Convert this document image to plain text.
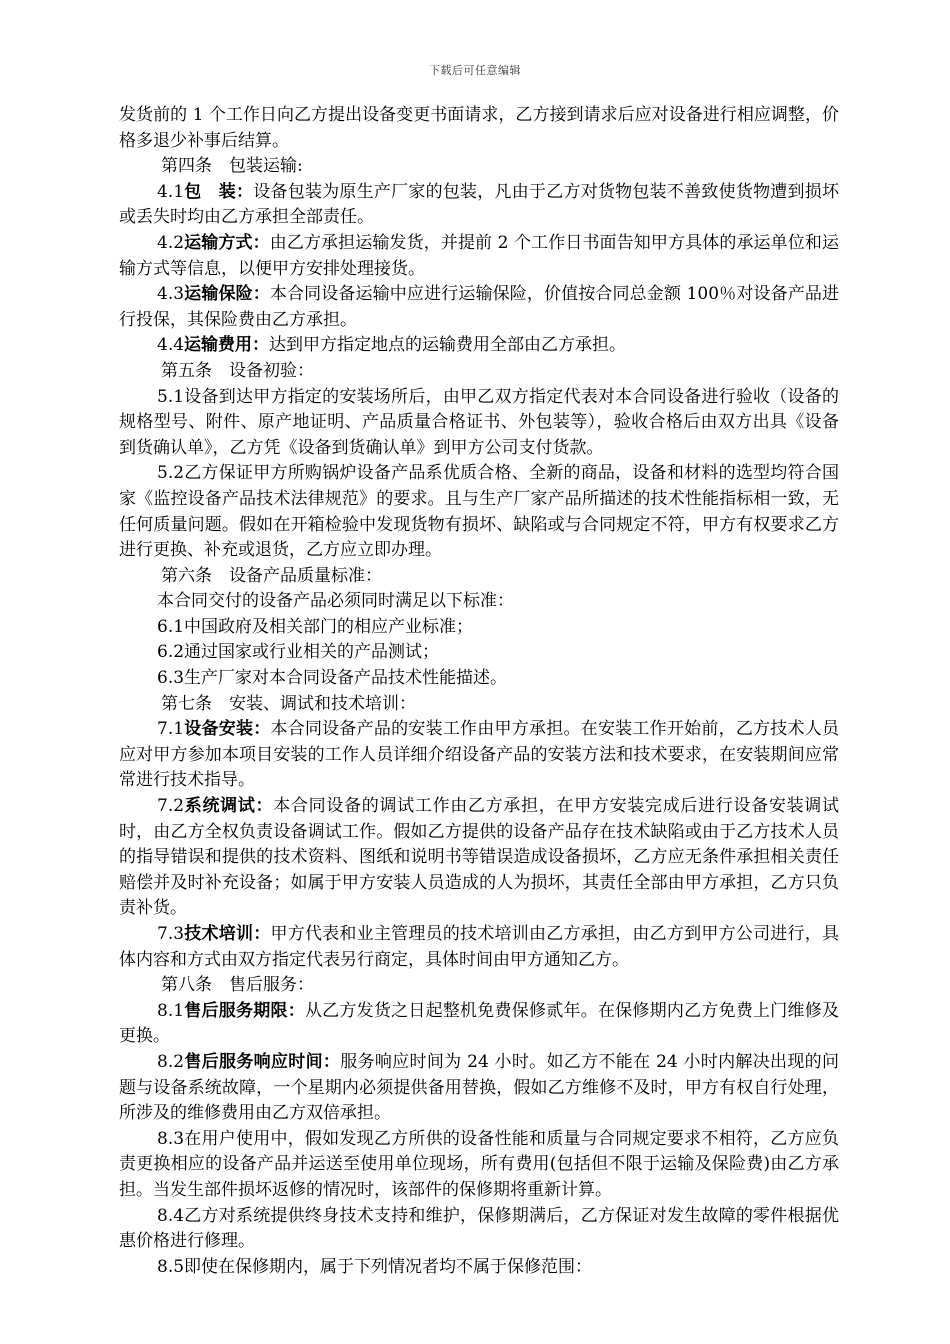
下载后可任意编辑

发货前的 1 个工作日向乙方提出设备变更书面请求，乙方接到请求后应对设备进行相应调整，价格多退少补事后结算。

第四条　包装运输:

4.1包　装：设备包装为原生产厂家的包装，凡由于乙方对货物包装不善致使货物遭到损坏或丢失时均由乙方承担全部责任。

4.2运输方式：由乙方承担运输发货，并提前 2 个工作日书面告知甲方具体的承运单位和运输方式等信息，以便甲方安排处理接货。

4.3运输保险：本合同设备运输中应进行运输保险，价值按合同总金额 100％对设备产品进行投保，其保险费由乙方承担。

4.4运输费用：达到甲方指定地点的运输费用全部由乙方承担。

第五条　设备初验：

5.1设备到达甲方指定的安装场所后，由甲乙双方指定代表对本合同设备进行验收（设备的规格型号、附件、原产地证明、产品质量合格证书、外包装等），验收合格后由双方出具《设备到货确认单》，乙方凭《设备到货确认单》到甲方公司支付货款。

5.2乙方保证甲方所购锅炉设备产品系优质合格、全新的商品，设备和材料的选型均符合国家《监控设备产品技术法律规范》的要求。且与生产厂家产品所描述的技术性能指标相一致，无任何质量问题。假如在开箱检验中发现货物有损坏、缺陷或与合同规定不符，甲方有权要求乙方进行更换、补充或退货，乙方应立即办理。

第六条　设备产品质量标准：

本合同交付的设备产品必须同时满足以下标准：

6.1中国政府及相关部门的相应产业标准；

6.2通过国家或行业相关的产品测试；

6.3生产厂家对本合同设备产品技术性能描述。

第七条　安装、调试和技术培训：

7.1设备安装：本合同设备产品的安装工作由甲方承担。在安装工作开始前，乙方技术人员应对甲方参加本项目安装的工作人员详细介绍设备产品的安装方法和技术要求，在安装期间应常常进行技术指导。

7.2系统调试：本合同设备的调试工作由乙方承担，在甲方安装完成后进行设备安装调试时，由乙方全权负责设备调试工作。假如乙方提供的设备产品存在技术缺陷或由于乙方技术人员的指导错误和提供的技术资料、图纸和说明书等错误造成设备损坏，乙方应无条件承担相关责任赔偿并及时补充设备；如属于甲方安装人员造成的人为损坏，其责任全部由甲方承担，乙方只负责补货。

7.3技术培训：甲方代表和业主管理员的技术培训由乙方承担，由乙方到甲方公司进行，具体内容和方式由双方指定代表另行商定，具体时间由甲方通知乙方。

第八条　售后服务：

8.1售后服务期限：从乙方发货之日起整机免费保修贰年。在保修期内乙方免费上门维修及更换。

8.2售后服务响应时间：服务响应时间为 24 小时。如乙方不能在 24 小时内解决出现的问题与设备系统故障，一个星期内必须提供备用替换，假如乙方维修不及时，甲方有权自行处理，所涉及的维修费用由乙方双倍承担。

8.3在用户使用中，假如发现乙方所供的设备性能和质量与合同规定要求不相符，乙方应负责更换相应的设备产品并运送至使用单位现场，所有费用(包括但不限于运输及保险费)由乙方承担。当发生部件损坏返修的情况时，该部件的保修期将重新计算。

8.4乙方对系统提供终身技术支持和维护，保修期满后，乙方保证对发生故障的零件根据优惠价格进行修理。

8.5即使在保修期内，属于下列情况者均不属于保修范围：
